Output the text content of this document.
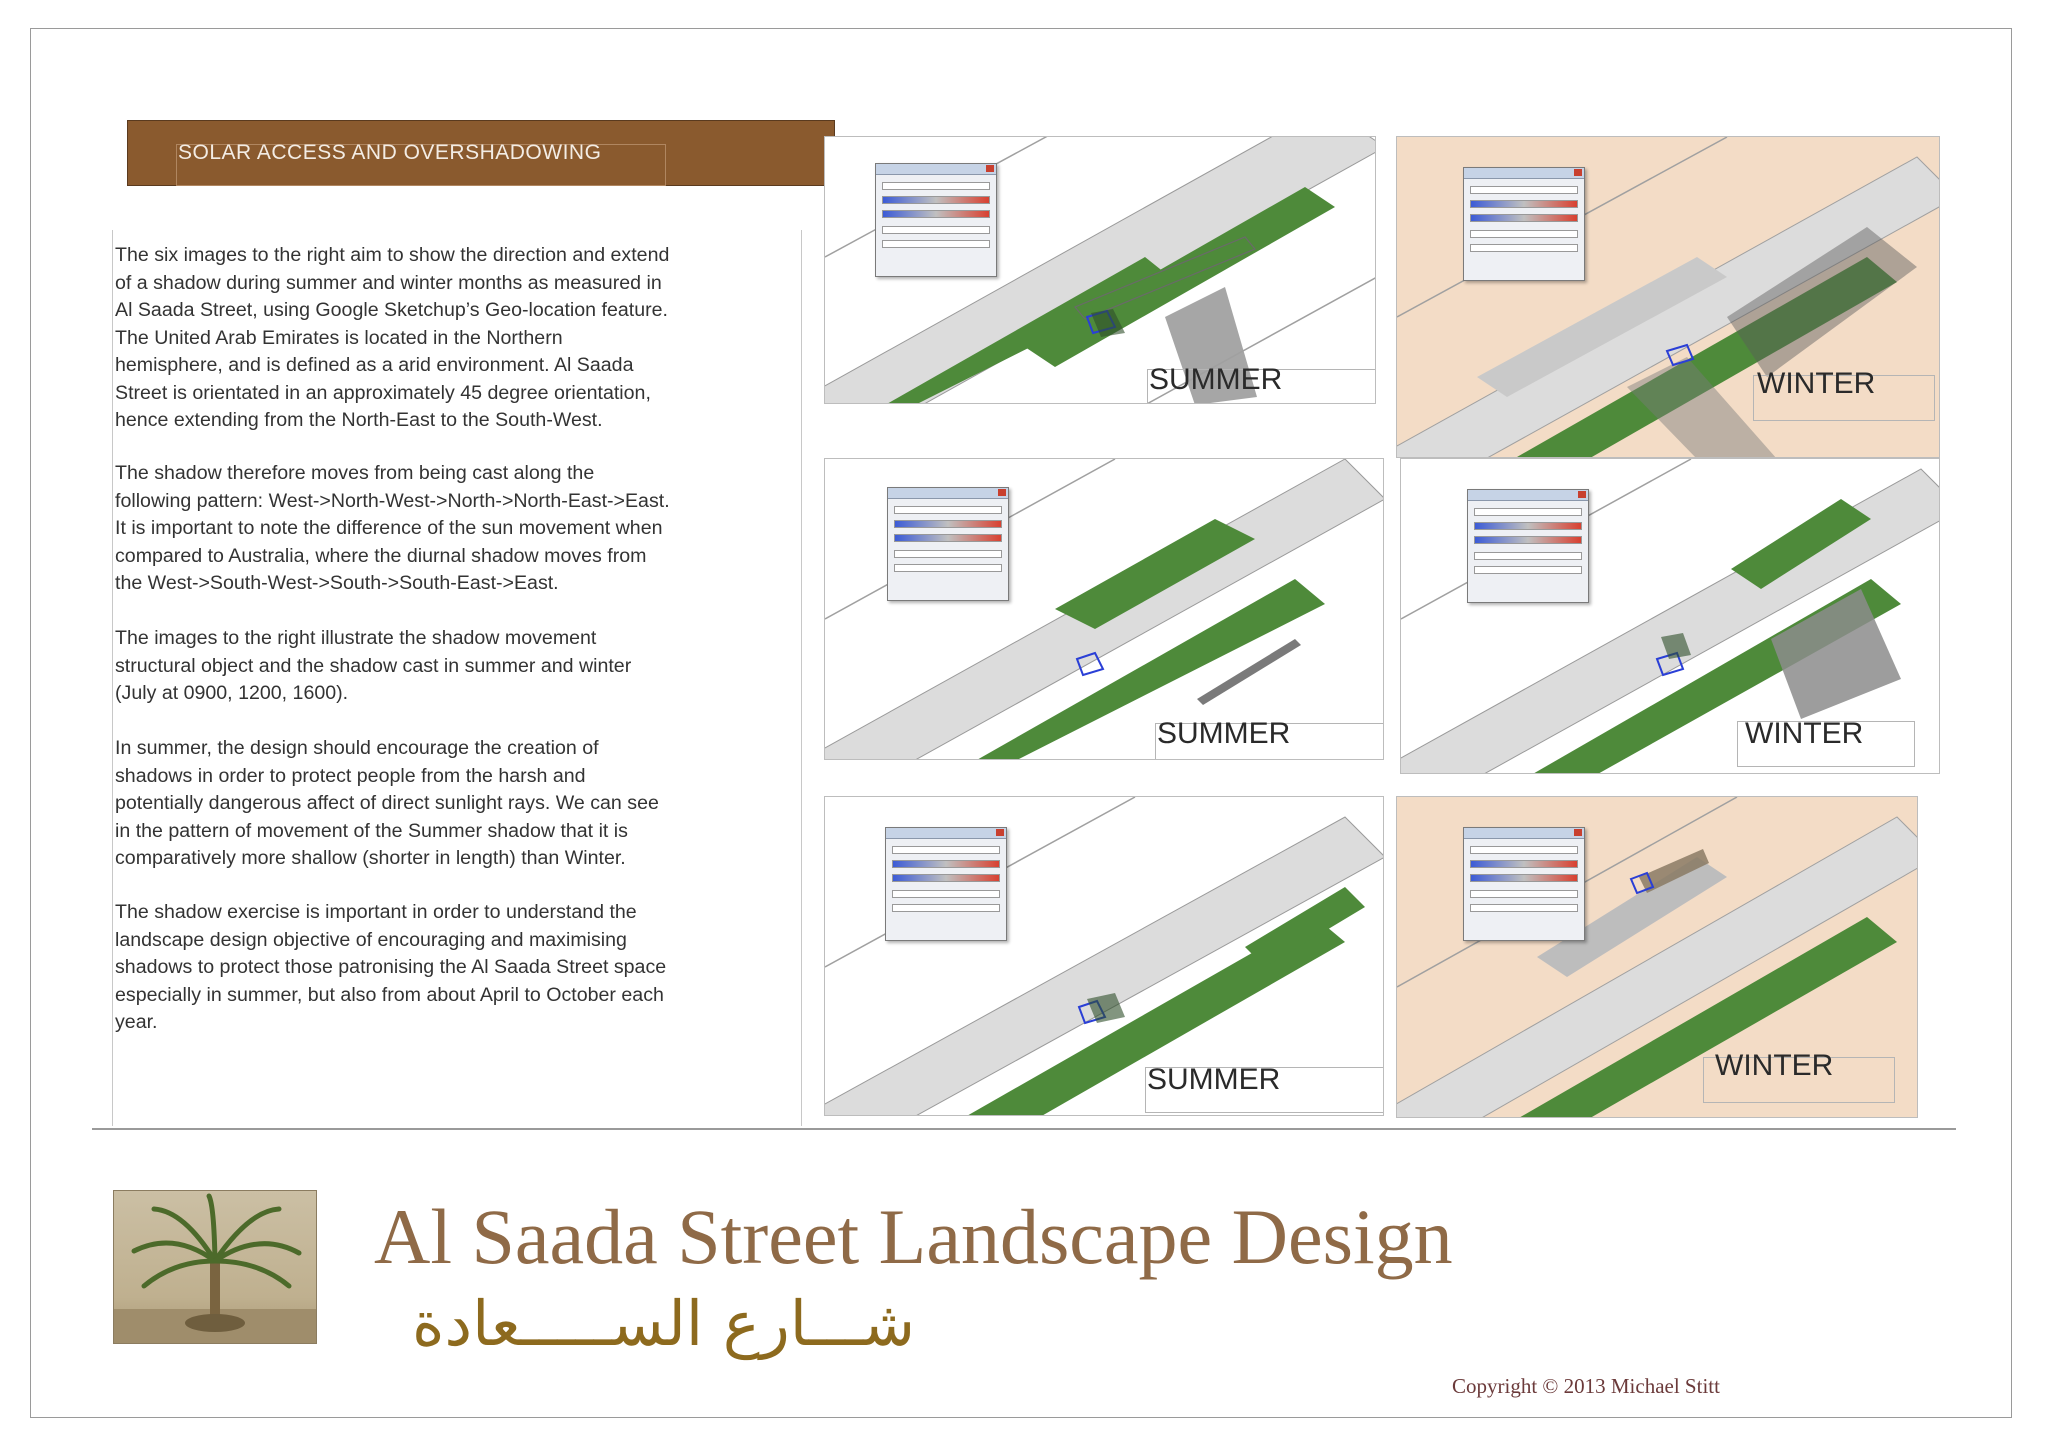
SOLAR ACCESS AND OVERSHADOWING
The six images to the right aim to show the direction and extend
of a shadow during summer and winter months as measured in
Al Saada Street, using Google Sketchup’s Geo-location feature.
The United Arab Emirates is located in the Northern
hemisphere, and is defined as a arid environment. Al Saada
Street is orientated in an approximately 45 degree orientation,
hence extending from the North-East to the South-West.
The shadow therefore moves from being cast along the
following pattern: West->North-West->North->North-East->East.
It is important to note the difference of the sun movement when
compared to Australia, where the diurnal shadow moves from
the West->South-West->South->South-East->East.
The images to the right illustrate the shadow movement
structural object and the shadow cast in summer and winter
(July at 0900, 1200, 1600).
In summer, the design should encourage the creation of
shadows in order to protect people from the harsh and
potentially dangerous affect of direct sunlight rays. We can see
in the pattern of movement of the Summer shadow that it is
comparatively more shallow (shorter in length) than Winter.
The shadow exercise is important in order to understand the
landscape design objective of encouraging and maximising
shadows to protect those patronising the Al Saada Street space
especially in summer, but also from about April to October each
year.
SUMMER	WINTER
SUMMER	WINTER
SUMMER	WINTER
Al Saada Street Landscape Design
شـــارع الســـــعادة
Copyright © 2013 Michael Stitt
